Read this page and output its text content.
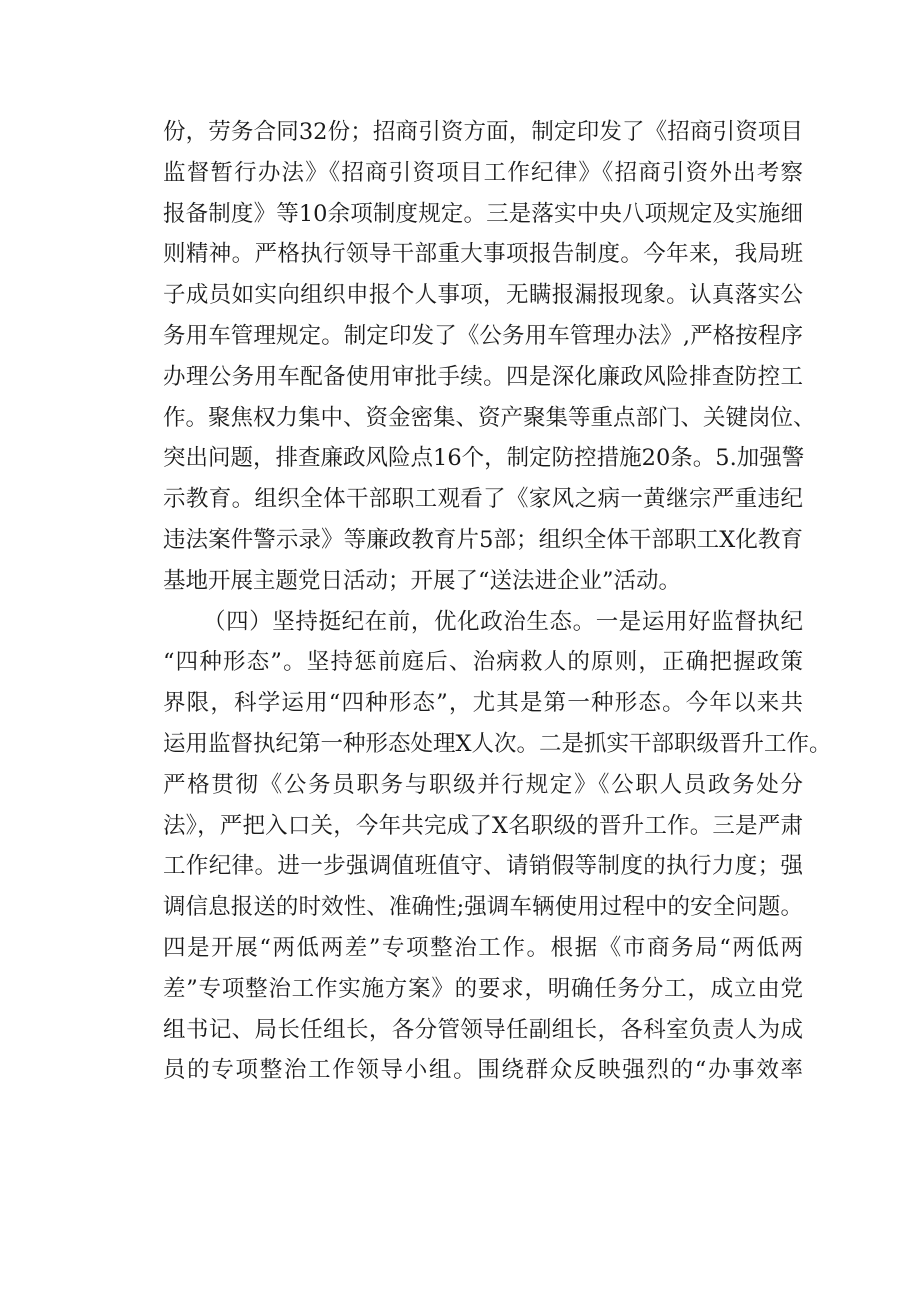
份，劳务合同32份；招商引资方面，制定印发了《招商引资项目
监督暂行办法》《招商引资项目工作纪律》《招商引资外出考察
报备制度》等10余项制度规定。三是落实中央八项规定及实施细
则精神。严格执行领导干部重大事项报告制度。今年来，我局班
子成员如实向组织申报个人事项，无瞒报漏报现象。认真落实公
务用车管理规定。制定印发了《公务用车管理办法》,严格按程序
办理公务用车配备使用审批手续。四是深化廉政风险排查防控工
作。聚焦权力集中、资金密集、资产聚集等重点部门、关键岗位、
突出问题，排查廉政风险点16个，制定防控措施20条。5.加强警
示教育。组织全体干部职工观看了《家风之病一黄继宗严重违纪
违法案件警示录》等廉政教育片5部；组织全体干部职工X化教育
基地开展主题党日活动；开展了“送法进企业”活动。
（四）坚持挺纪在前，优化政治生态。一是运用好监督执纪
“四种形态”。坚持惩前庭后、治病救人的原则，正确把握政策
界限，科学运用“四种形态”，尤其是第一种形态。今年以来共
运用监督执纪第一种形态处理X人次。二是抓实干部职级晋升工作。
严格贯彻《公务员职务与职级并行规定》《公职人员政务处分
法》，严把入口关，今年共完成了X名职级的晋升工作。三是严肃
工作纪律。进一步强调值班值守、请销假等制度的执行力度；强
调信息报送的时效性、准确性;强调车辆使用过程中的安全问题。
四是开展“两低两差”专项整治工作。根据《市商务局“两低两
差”专项整治工作实施方案》的要求，明确任务分工，成立由党
组书记、局长任组长，各分管领导任副组长，各科室负责人为成
员的专项整治工作领导小组。围绕群众反映强烈的“办事效率
